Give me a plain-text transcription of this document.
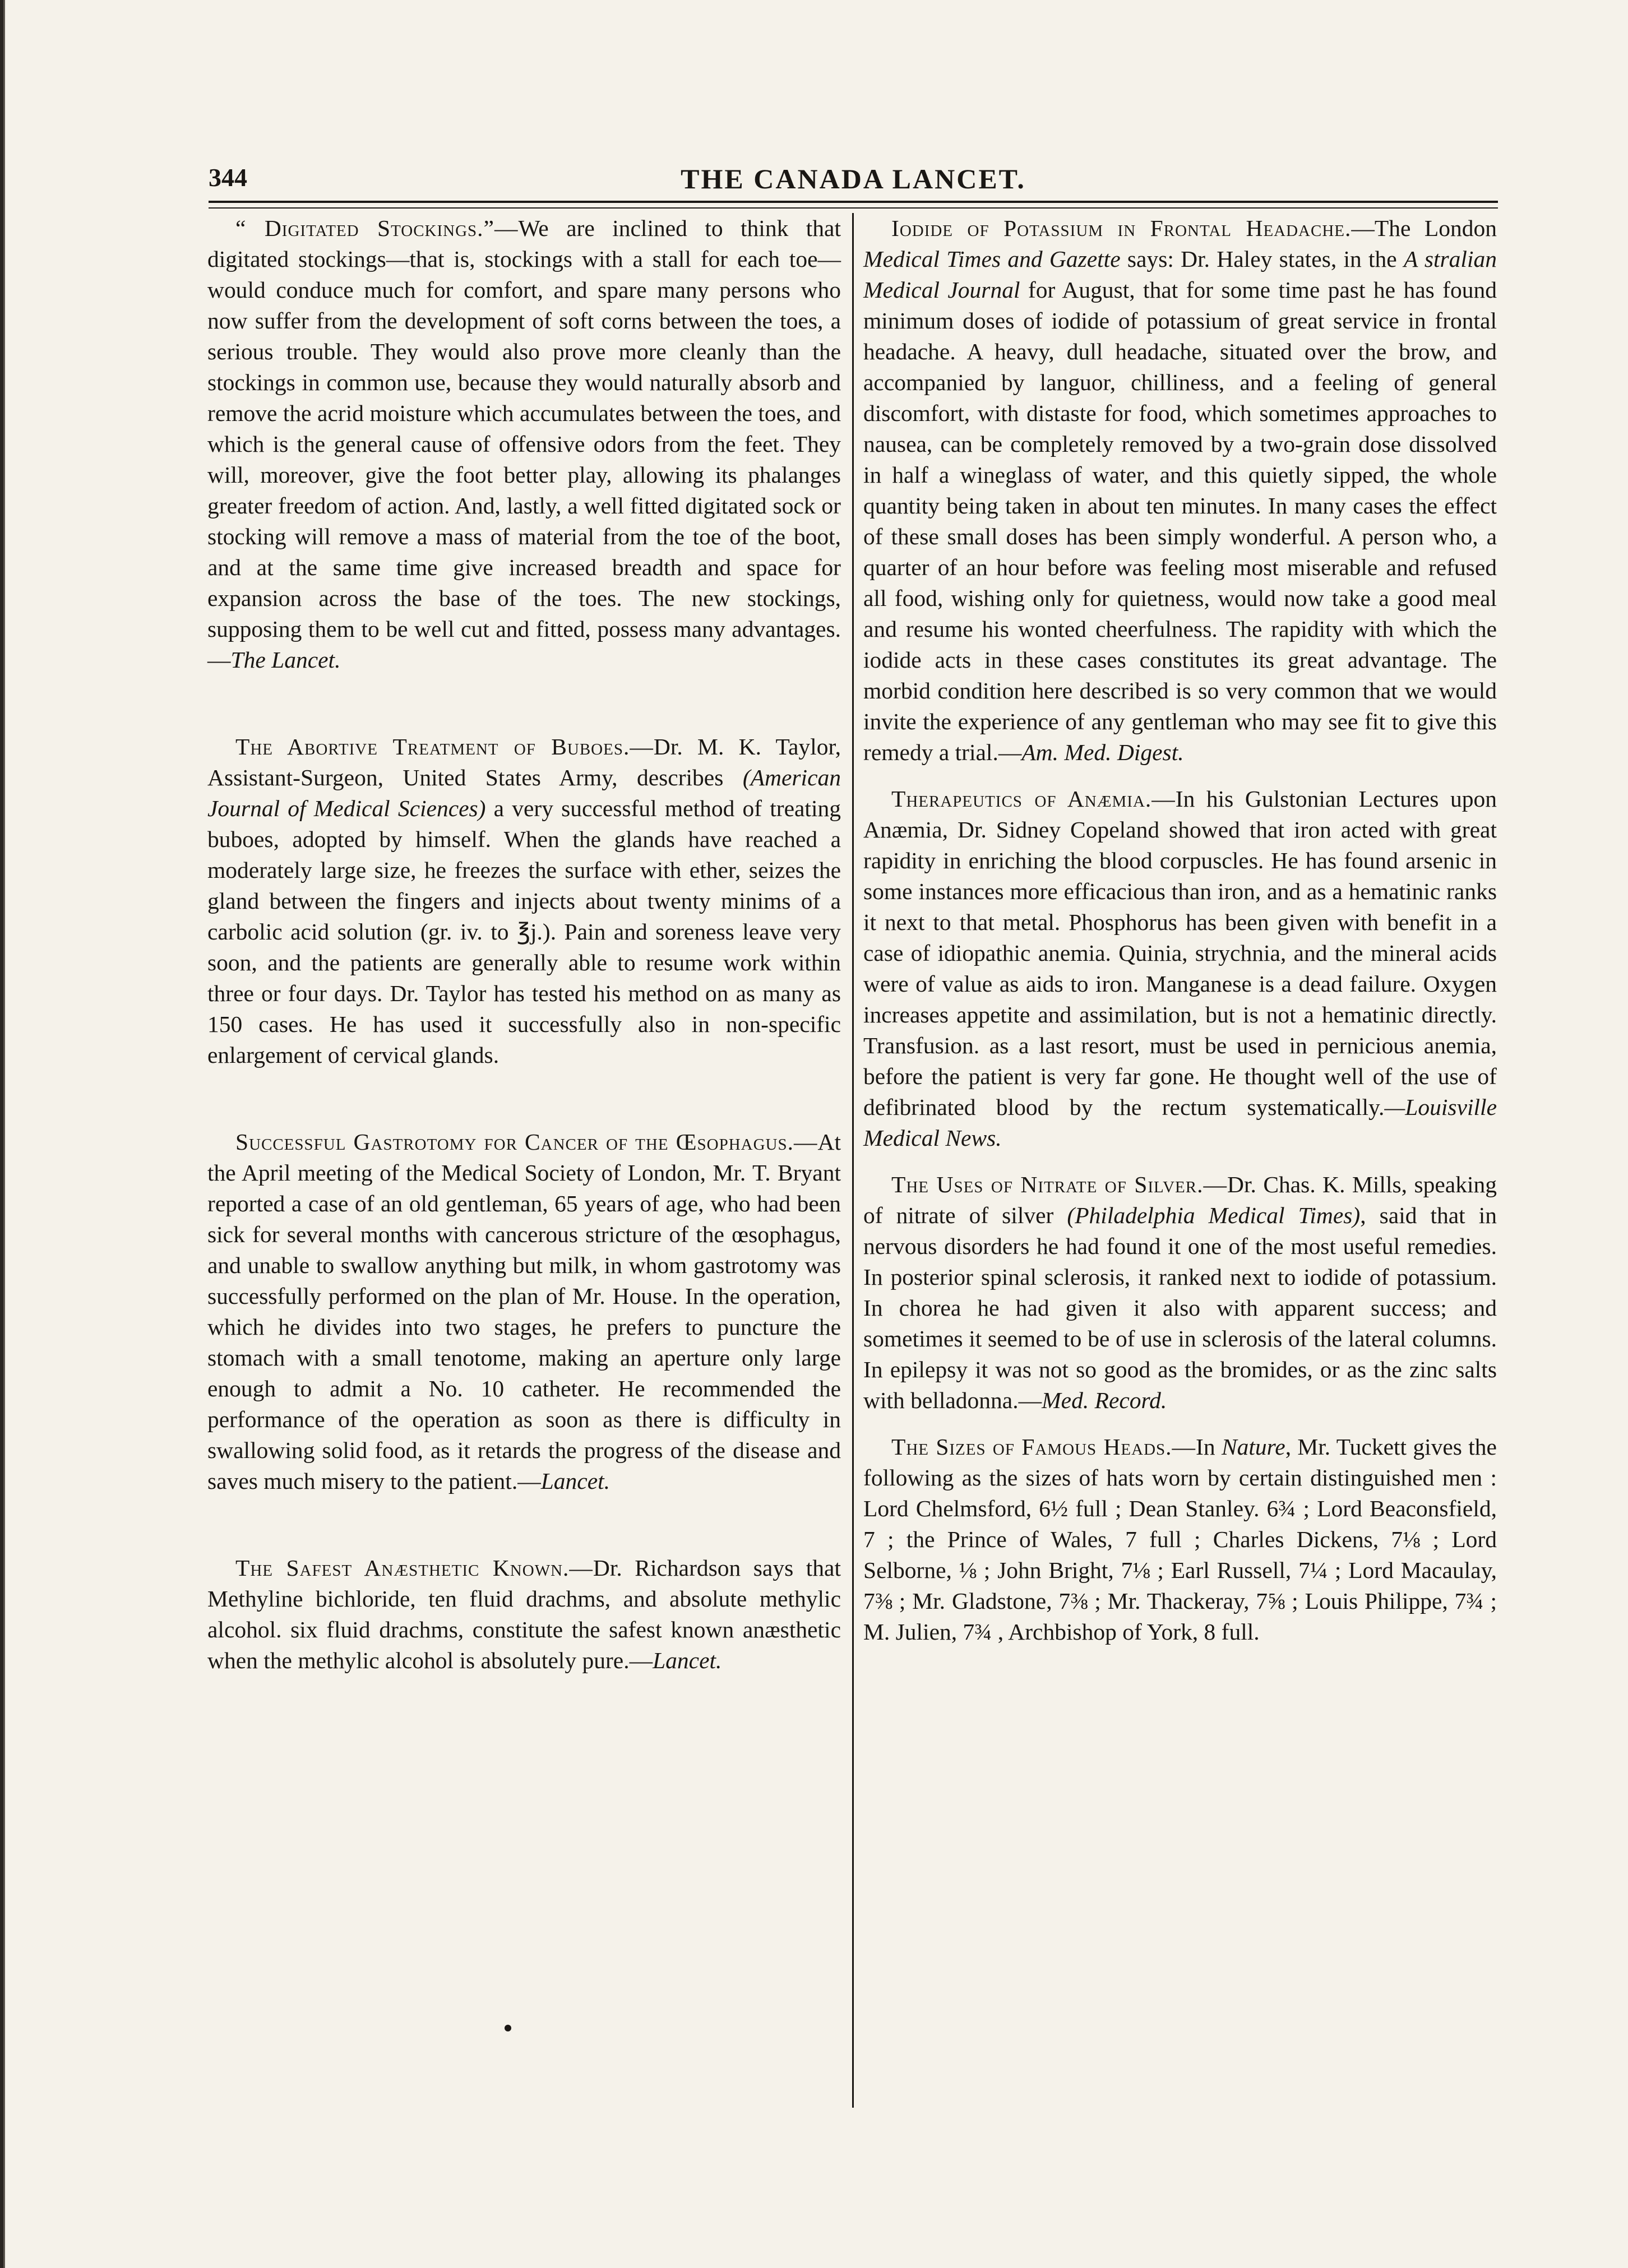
344	THE CANADA LANCET.

“ Digitated Stockings.”—We are inclined to think that digitated stockings—that is, stockings with a stall for each toe—would conduce much for comfort, and spare many persons who now suffer from the development of soft corns between the toes, a serious trouble. They would also prove more cleanly than the stockings in common use, because they would naturally absorb and remove the acrid moisture which accumulates between the toes, and which is the general cause of offensive odors from the feet. They will, moreover, give the foot better play, allowing its phalanges greater freedom of action. And, lastly, a well fitted digitated sock or stocking will remove a mass of material from the toe of the boot, and at the same time give increased breadth and space for expansion across the base of the toes. The new stockings, supposing them to be well cut and fitted, possess many advantages.—The Lancet.

The Abortive Treatment of Buboes.—Dr. M. K. Taylor, Assistant-Surgeon, United States Army, describes (American Journal of Medical Sciences) a very successful method of treating buboes, adopted by himself. When the glands have reached a moderately large size, he freezes the surface with ether, seizes the gland between the fingers and injects about twenty minims of a carbolic acid solution (gr. iv. to ℥j.). Pain and soreness leave very soon, and the patients are generally able to resume work within three or four days. Dr. Taylor has tested his method on as many as 150 cases. He has used it successfully also in non-specific enlargement of cervical glands.

Successful Gastrotomy for Cancer of the Œsophagus.—At the April meeting of the Medical Society of London, Mr. T. Bryant reported a case of an old gentleman, 65 years of age, who had been sick for several months with cancerous stricture of the œsophagus, and unable to swallow anything but milk, in whom gastrotomy was successfully performed on the plan of Mr. House. In the operation, which he divides into two stages, he prefers to puncture the stomach with a small tenotome, making an aperture only large enough to admit a No. 10 catheter. He recommended the performance of the operation as soon as there is difficulty in swallowing solid food, as it retards the progress of the disease and saves much misery to the patient.—Lancet.

The Safest Anæsthetic Known.—Dr. Richardson says that Methyline bichloride, ten fluid drachms, and absolute methylic alcohol. six fluid drachms, constitute the safest known anæsthetic when the methylic alcohol is absolutely pure.—Lancet.

Iodide of Potassium in Frontal Headache.—The London Medical Times and Gazette says: Dr. Haley states, in the A stralian Medical Journal for August, that for some time past he has found minimum doses of iodide of potassium of great service in frontal headache. A heavy, dull headache, situated over the brow, and accompanied by languor, chilliness, and a feeling of general discomfort, with distaste for food, which sometimes approaches to nausea, can be completely removed by a two-grain dose dissolved in half a wineglass of water, and this quietly sipped, the whole quantity being taken in about ten minutes. In many cases the effect of these small doses has been simply wonderful. A person who, a quarter of an hour before was feeling most miserable and refused all food, wishing only for quietness, would now take a good meal and resume his wonted cheerfulness. The rapidity with which the iodide acts in these cases constitutes its great advantage. The morbid condition here described is so very common that we would invite the experience of any gentleman who may see fit to give this remedy a trial.—Am. Med. Digest.

Therapeutics of Anæmia.—In his Gulstonian Lectures upon Anæmia, Dr. Sidney Copeland showed that iron acted with great rapidity in enriching the blood corpuscles. He has found arsenic in some instances more efficacious than iron, and as a hematinic ranks it next to that metal. Phosphorus has been given with benefit in a case of idiopathic anemia. Quinia, strychnia, and the mineral acids were of value as aids to iron. Manganese is a dead failure. Oxygen increases appetite and assimilation, but is not a hematinic directly. Transfusion. as a last resort, must be used in pernicious anemia, before the patient is very far gone. He thought well of the use of defibrinated blood by the rectum systematically.—Louisville Medical News.

The Uses of Nitrate of Silver.—Dr. Chas. K. Mills, speaking of nitrate of silver (Philadelphia Medical Times), said that in nervous disorders he had found it one of the most useful remedies. In posterior spinal sclerosis, it ranked next to iodide of potassium. In chorea he had given it also with apparent success; and sometimes it seemed to be of use in sclerosis of the lateral columns. In epilepsy it was not so good as the bromides, or as the zinc salts with belladonna.—Med. Record.

The Sizes of Famous Heads.—In Nature, Mr. Tuckett gives the following as the sizes of hats worn by certain distinguished men : Lord Chelmsford, 6½ full ; Dean Stanley. 6¾ ; Lord Beaconsfield, 7 ; the Prince of Wales, 7 full ; Charles Dickens, 7⅛ ; Lord Selborne, ⅛ ; John Bright, 7⅛ ; Earl Russell, 7¼ ; Lord Macaulay, 7⅜ ; Mr. Gladstone, 7⅜ ; Mr. Thackeray, 7⅝ ; Louis Philippe, 7¾ ; M. Julien, 7¾ , Archbishop of York, 8 full.
